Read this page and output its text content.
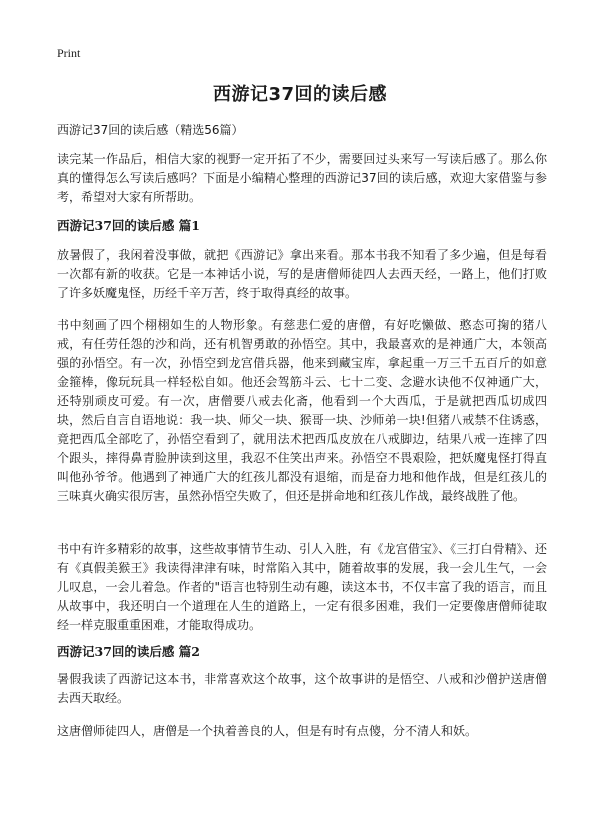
Print
西游记37回的读后感
西游记37回的读后感（精选56篇）

读完某一作品后，相信大家的视野一定开拓了不少，需要回过头来写一写读后感了。那么你真的懂得怎么写读后感吗？下面是小编精心整理的西游记37回的读后感，欢迎大家借鉴与参考，希望对大家有所帮助。

西游记37回的读后感 篇1

放暑假了，我闲着没事做，就把《西游记》拿出来看。那本书我不知看了多少遍，但是每看一次都有新的收获。它是一本神话小说，写的是唐僧师徒四人去西天经，一路上，他们打败了许多妖魔鬼怪，历经千辛万苦，终于取得真经的故事。

书中刻画了四个栩栩如生的人物形象。有慈悲仁爱的唐僧，有好吃懒做、憨态可掬的猪八戒，有任劳任怨的沙和尚，还有机智勇敢的孙悟空。其中，我最喜欢的是神通广大，本领高强的孙悟空。有一次，孙悟空到龙宫借兵器，他来到藏宝库，拿起重一万三千五百斤的如意金箍棒，像玩玩具一样轻松自如。他还会驾筋斗云、七十二变、念避水诀他不仅神通广大，还特别顽皮可爱。有一次，唐僧要八戒去化斋，他看到一个大西瓜，于是就把西瓜切成四块，然后自言自语地说：我一块、师父一块、猴哥一块、沙师弟一块!但猪八戒禁不住诱惑，竟把西瓜全部吃了，孙悟空看到了，就用法术把西瓜皮放在八戒脚边，结果八戒一连摔了四个跟头，摔得鼻青脸肿读到这里，我忍不住笑出声来。孙悟空不畏艰险，把妖魔鬼怪打得直叫他孙爷爷。他遇到了神通广大的红孩儿都没有退缩，而是奋力地和他作战，但是红孩儿的三味真火确实很厉害，虽然孙悟空失败了，但还是拼命地和红孩儿作战，最终战胜了他。

书中有许多精彩的故事，这些故事情节生动、引人入胜，有《龙宫借宝》、《三打白骨精》、还有《真假美猴王》我读得津津有味，时常陷入其中，随着故事的发展，我一会儿生气，一会儿叹息，一会儿着急。作者的"语言也特别生动有趣，读这本书，不仅丰富了我的语言，而且从故事中，我还明白一个道理在人生的道路上，一定有很多困难，我们一定要像唐僧师徒取经一样克服重重困难，才能取得成功。

西游记37回的读后感 篇2

暑假我读了西游记这本书，非常喜欢这个故事，这个故事讲的是悟空、八戒和沙僧护送唐僧去西天取经。

这唐僧师徒四人，唐僧是一个执着善良的人，但是有时有点傻，分不清人和妖。
